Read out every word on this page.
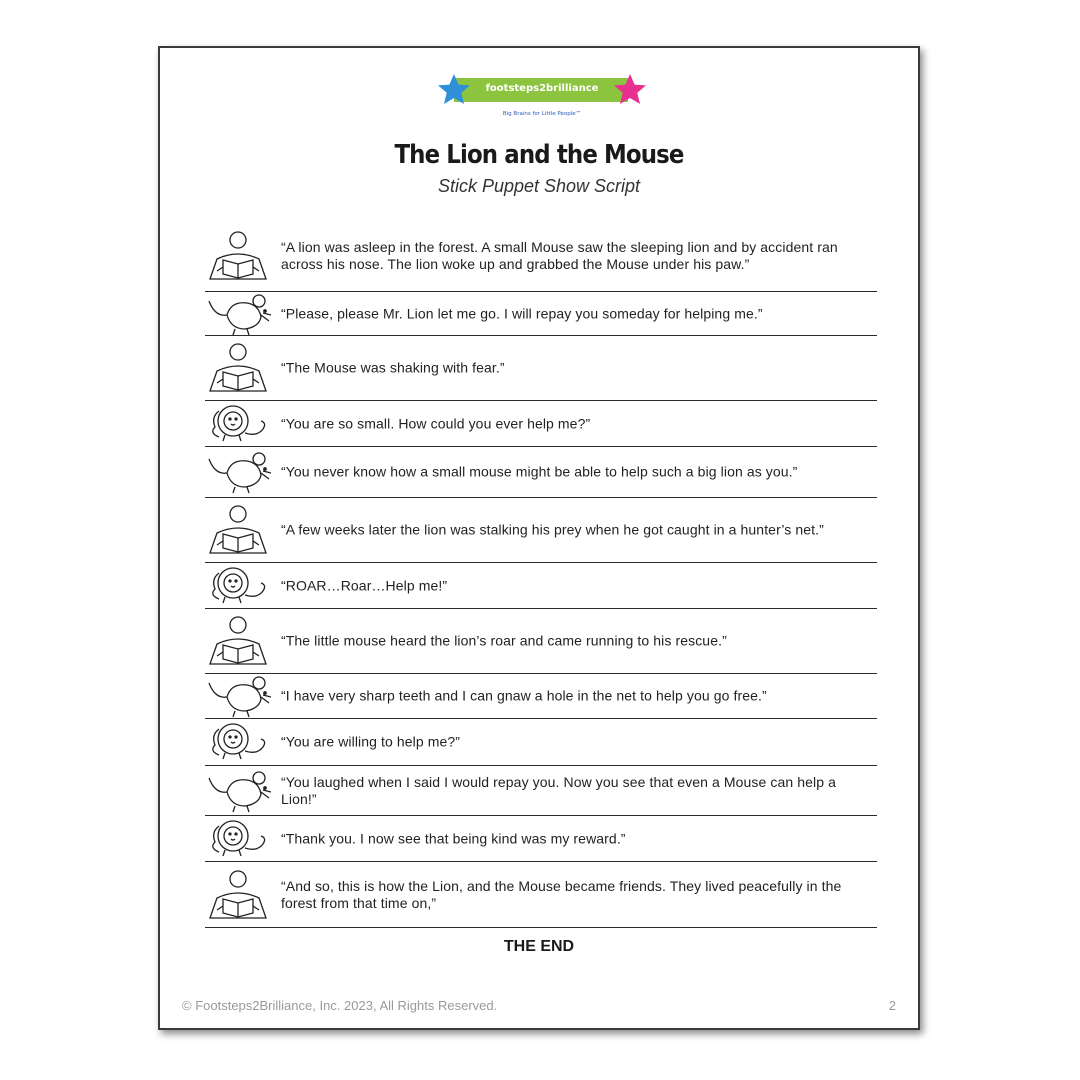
footsteps2brilliance
Big Brains for Little People™
The Lion and the Mouse
Stick Puppet Show Script
“A lion was asleep in the forest. A small Mouse saw the sleeping lion and by accident ran across his nose. The lion woke up and grabbed the Mouse under his paw.”
“Please, please Mr. Lion let me go. I will repay you someday for helping me.”
“The Mouse was shaking with fear.”
“You are so small. How could you ever help me?”
“You never know how a small mouse might be able to help such a big lion as you.”
“A few weeks later the lion was stalking his prey when he got caught in a hunter’s net.”
“ROAR…Roar…Help me!”
“The little mouse heard the lion’s roar and came running to his rescue.”
“I have very sharp teeth and I can gnaw a hole in the net to help you go free.”
“You are willing to help me?”
“You laughed when I said I would repay you. Now you see that even a Mouse can help a Lion!”
“Thank you. I now see that being kind was my reward.”
“And so, this is how the Lion, and the Mouse became friends. They lived peacefully in the forest from that time on,”
THE END
© Footsteps2Brilliance, Inc. 2023, All Rights Reserved.	2
